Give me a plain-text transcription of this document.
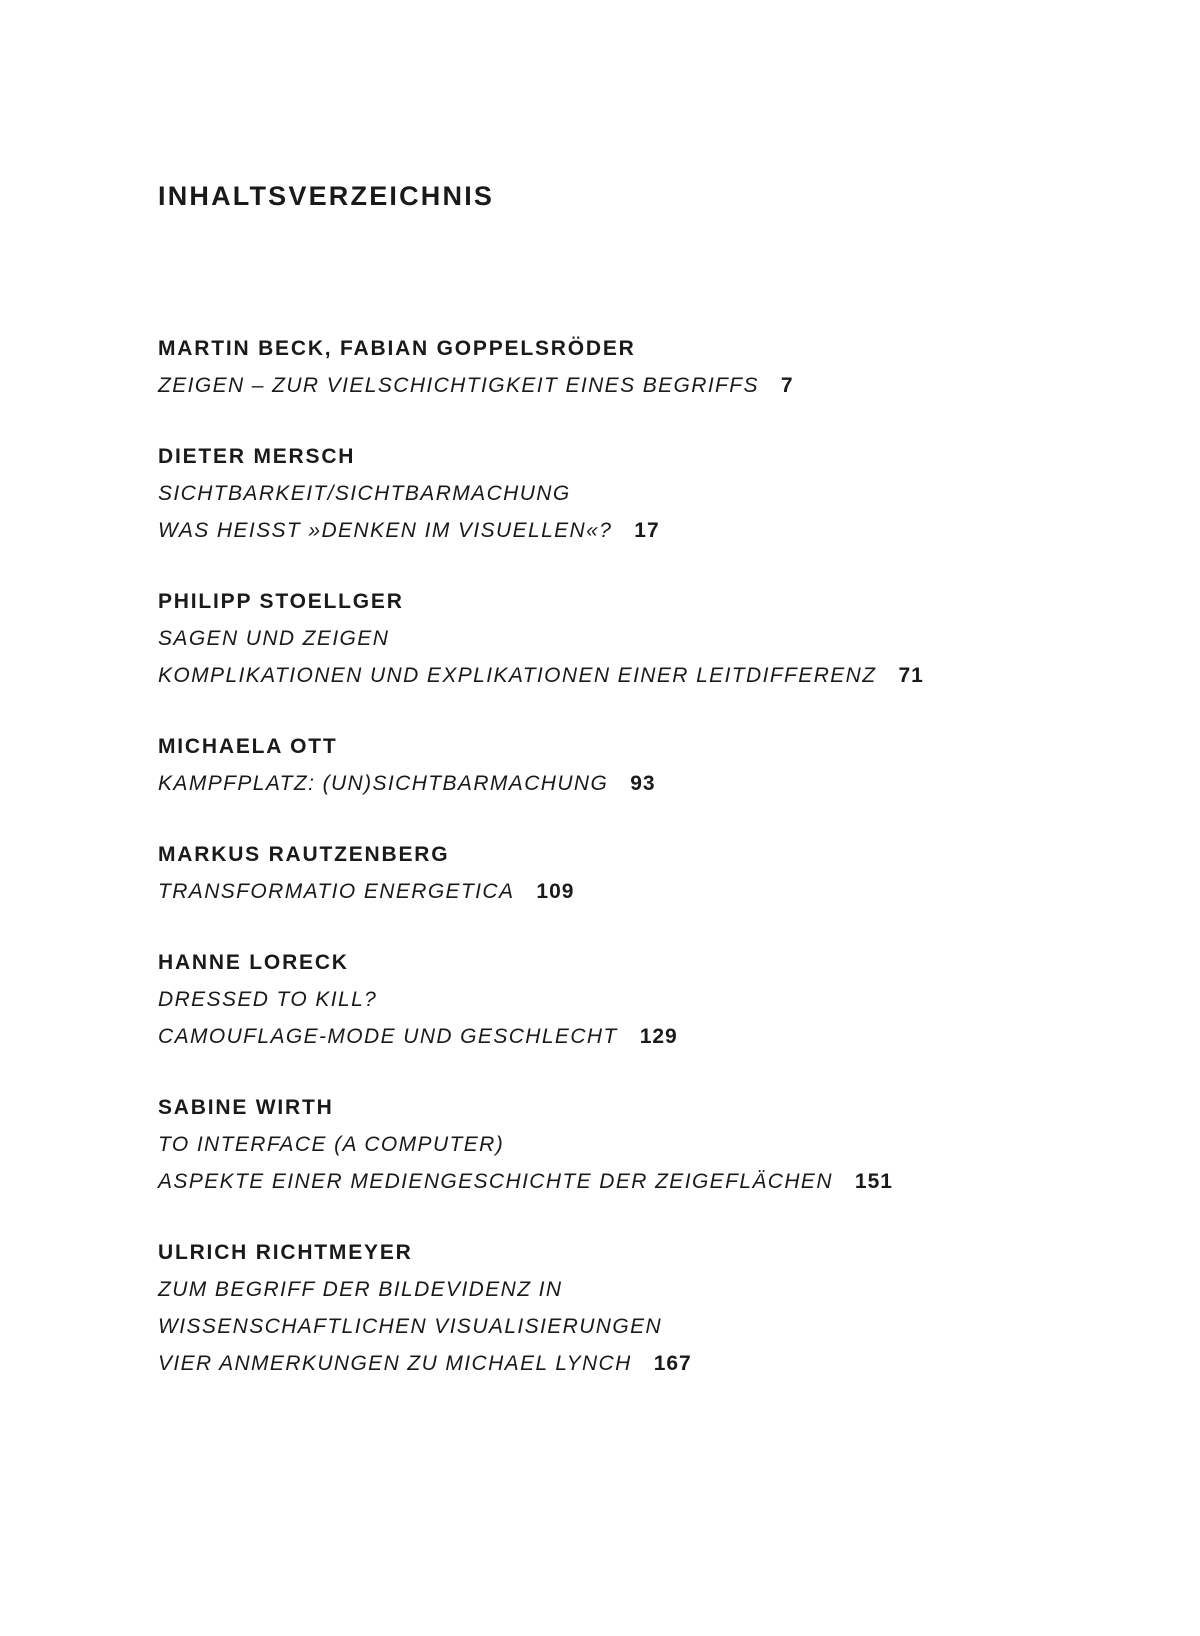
INHALTSVERZEICHNIS
MARTIN BECK, FABIAN GOPPELSRÖDER
ZEIGEN – ZUR VIELSCHICHTIGKEIT EINES BEGRIFFS 7
DIETER MERSCH
SICHTBARKEIT/SICHTBARMACHUNG
WAS HEISST »DENKEN IM VISUELLEN«? 17
PHILIPP STOELLGER
SAGEN UND ZEIGEN
KOMPLIKATIONEN UND EXPLIKATIONEN EINER LEITDIFFERENZ 71
MICHAELA OTT
KAMPFPLATZ: (UN)SICHTBARMACHUNG 93
MARKUS RAUTZENBERG
TRANSFORMATIO ENERGETICA 109
HANNE LORECK
DRESSED TO KILL?
CAMOUFLAGE-MODE UND GESCHLECHT 129
SABINE WIRTH
TO INTERFACE (A COMPUTER)
ASPEKTE EINER MEDIENGESCHICHTE DER ZEIGEFLÄCHEN 151
ULRICH RICHTMEYER
ZUM BEGRIFF DER BILDEVIDENZ IN
WISSENSCHAFTLICHEN VISUALISIERUNGEN
VIER ANMERKUNGEN ZU MICHAEL LYNCH 167
